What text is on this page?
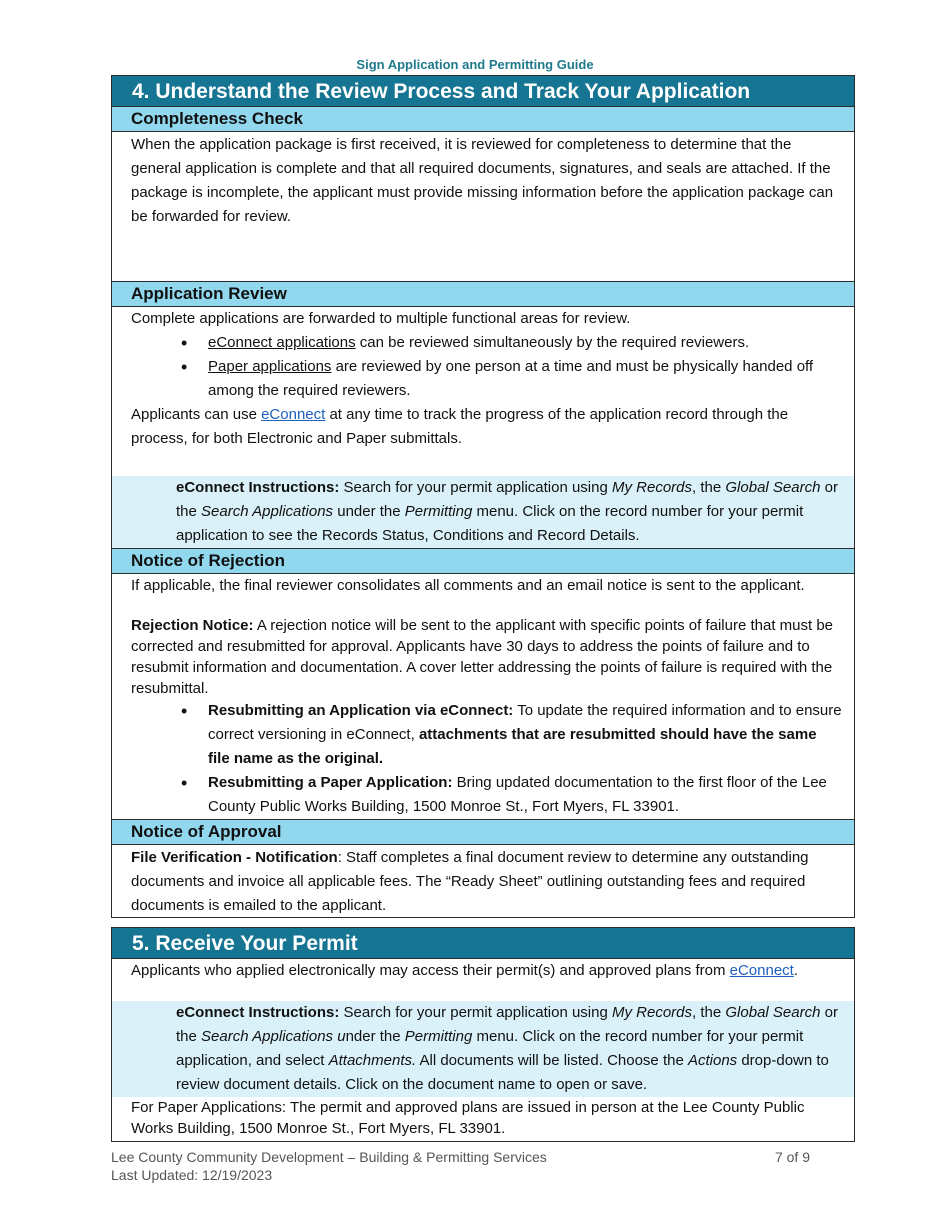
Sign Application and Permitting Guide
4. Understand the Review Process and Track Your Application
Completeness Check

When the application package is first received, it is reviewed for completeness to determine that the general application is complete and that all required documents, signatures, and seals are attached. If the package is incomplete, the applicant must provide missing information before the application package can be forwarded for review.

Application Review

Complete applications are forwarded to multiple functional areas for review.

• eConnect applications can be reviewed simultaneously by the required reviewers.
• Paper applications are reviewed by one person at a time and must be physically handed off among the required reviewers.

Applicants can use eConnect at any time to track the progress of the application record through the process, for both Electronic and Paper submittals.

eConnect Instructions: Search for your permit application using My Records, the Global Search or the Search Applications under the Permitting menu. Click on the record number for your permit application to see the Records Status, Conditions and Record Details.
Notice of Rejection

If applicable, the final reviewer consolidates all comments and an email notice is sent to the applicant.

Rejection Notice: A rejection notice will be sent to the applicant with specific points of failure that must be corrected and resubmitted for approval. Applicants have 30 days to address the points of failure and to resubmit information and documentation. A cover letter addressing the points of failure is required with the resubmittal.

• Resubmitting an Application via eConnect: To update the required information and to ensure correct versioning in eConnect, attachments that are resubmitted should have the same file name as the original.
• Resubmitting a Paper Application: Bring updated documentation to the first floor of the Lee County Public Works Building, 1500 Monroe St., Fort Myers, FL 33901.
Notice of Approval

File Verification - Notification: Staff completes a final document review to determine any outstanding documents and invoice all applicable fees. The “Ready Sheet” outlining outstanding fees and required documents is emailed to the applicant.

5. Receive Your Permit

Applicants who applied electronically may access their permit(s) and approved plans from eConnect.

eConnect Instructions: Search for your permit application using My Records, the Global Search or the Search Applications under the Permitting menu. Click on the record number for your permit application, and select Attachments. All documents will be listed. Choose the Actions drop-down to review document details. Click on the document name to open or save.

For Paper Applications: The permit and approved plans are issued in person at the Lee County Public Works Building, 1500 Monroe St., Fort Myers, FL 33901.

Lee County Community Development – Building & Permitting Services
Last Updated: 12/19/2023
7 of 9
